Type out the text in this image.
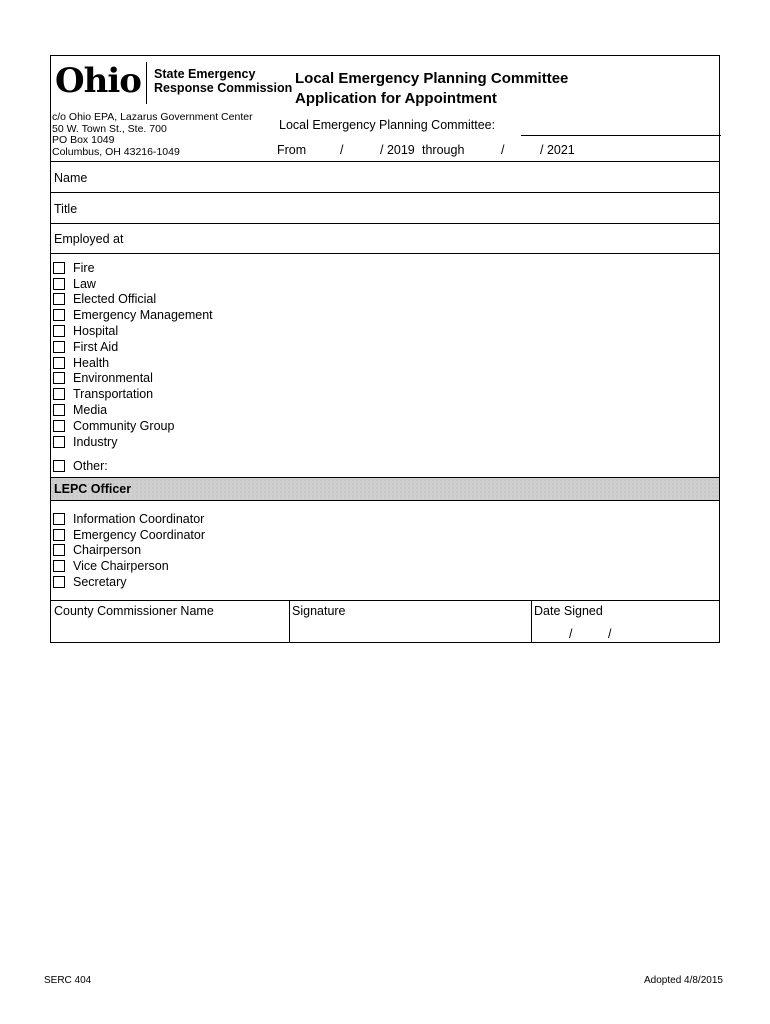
Ohio State Emergency
Response Commission
Local Emergency Planning Committee
Application for Appointment
c/o Ohio EPA, Lazarus Government Center
50 W. Town St., Ste. 700
PO Box 1049
Columbus, OH 43216-1049
Local Emergency Planning Committee:
From	/	/ 2019 through	/	/ 2021
Name
Title
Employed at
Fire
Law
Elected Official
Emergency Management
Hospital
First Aid
Health
Environmental
Transportation
Media
Community Group
Industry
Other:
LEPC Officer
Information Coordinator
Emergency Coordinator
Chairperson
Vice Chairperson
Secretary
County Commissioner Name	Signature	Date Signed
/	/
SERC 404	Adopted 4/8/2015
